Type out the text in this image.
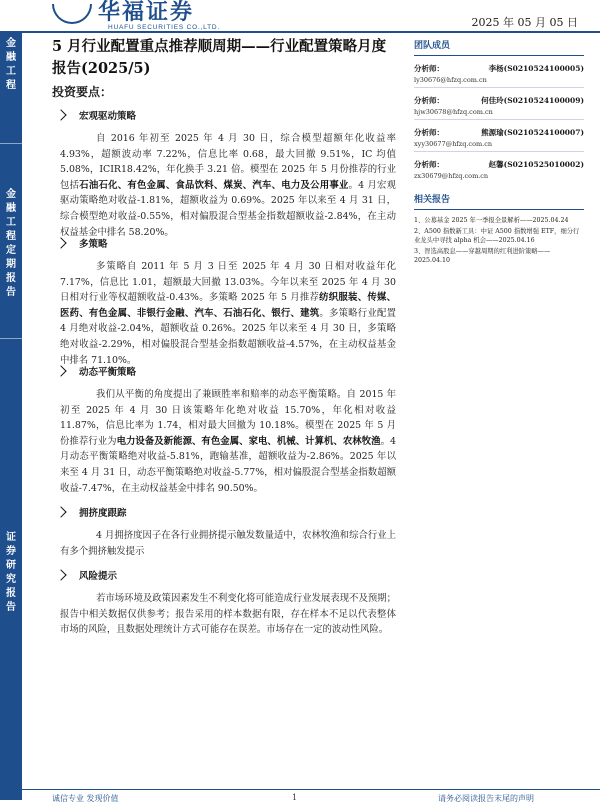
华福证券
HUAFU SECURITIES CO.,LTD.	2025 年 05 月 05 日
金
融
工
程
金
融
工
程
定
期
报
告
证
券
研
究
报
告
5 月行业配置重点推荐顺周期——行业配置策略月度报告(2025/5)
投资要点：
宏观驱动策略
自 2016 年初至 2025 年 4 月 30 日，综合模型超额年化收益率 4.93%，超额波动率 7.22%，信息比率 0.68，最大回撤 9.51%，IC 均值 5.08%，ICIR18.42%，年化换手 3.21 倍。模型在 2025 年 5 月份推荐的行业包括石油石化、有色金属、食品饮料、煤炭、汽车、电力及公用事业。4 月宏观驱动策略绝对收益-1.81%，超额收益为 0.69%。2025 年以来至 4 月 31 日，综合模型绝对收益-0.55%，相对偏股混合型基金指数超额收益-2.84%，在主动权益基金中排名 58.20%。
多策略
多策略自 2011 年 5 月 3 日至 2025 年 4 月 30 日相对收益年化 7.17%，信息比 1.01，超额最大回撤 13.03%。今年以来至 2025 年 4 月 30 日相对行业等权超额收益-0.43%。多策略 2025 年 5 月推荐纺织服装、传媒、医药、有色金属、非银行金融、汽车、石油石化、银行、建筑。多策略行业配置 4 月绝对收益-2.04%，超额收益 0.26%。2025 年以来至 4 月 30 日，多策略绝对收益-2.29%，相对偏股混合型基金指数超额收益-4.57%，在主动权益基金中排名 71.10%。
动态平衡策略
我们从平衡的角度提出了兼顾胜率和赔率的动态平衡策略。自 2015 年初至 2025 年 4 月 30 日该策略年化绝对收益 15.70%，年化相对收益 11.87%，信息比率为 1.74，相对最大回撤为 10.18%。模型在 2025 年 5 月份推荐行业为电力设备及新能源、有色金属、家电、机械、计算机、农林牧渔。4 月动态平衡策略绝对收益-5.81%，跑输基准，超额收益为-2.86%。2025 年以来至 4 月 31 日，动态平衡策略绝对收益-5.77%，相对偏股混合型基金指数超额收益-7.47%，在主动权益基金中排名 90.50%。
拥挤度跟踪
4 月拥挤度因子在各行业拥挤提示触发数量适中，农林牧渔和综合行业上有多个拥挤触发提示
风险提示
若市场环境及政策因素发生不利变化将可能造成行业发展表现不及预期；报告中相关数据仅供参考；报告采用的样本数据有限，存在样本不足以代表整体市场的风险，且数据处理统计方式可能存在误差。市场存在一定的波动性风险。
团队成员
分析师：	李杨(S0210524100005)
ly30676@hfzq.com.cn
分析师：	何佳玲(S0210524100009)
hjw30678@hfzq.com.cn
分析师：	熊源瑜(S0210524100007)
xyy30677@hfzq.com.cn
分析师：	赵馨(S0210525010002)
zx30679@hfzq.com.cn
相关报告
1、公募基金 2025 年一季报全景解析——2025.04.24
2、A500 指数新工具：中证 A500 指数增强 ETF，细分行业龙头中寻找 alpha 机会——2025.04.16
3、智选高股息——穿越周期的红利进阶策略——2025.04.10
诚信专业 发现价值	1	请务必阅读报告末尾的声明
